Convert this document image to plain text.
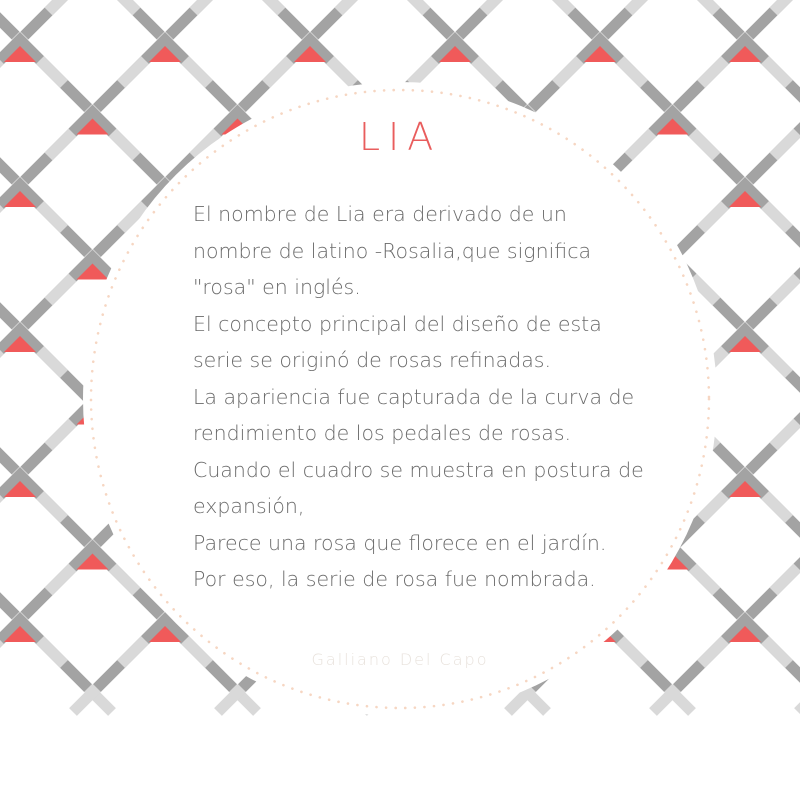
LIA
El nombre de Lia era derivado de un
nombre de latino -Rosalia,que significa
"rosa" en inglés.
El concepto principal del diseño de esta
serie se originó de rosas refinadas.
La apariencia fue capturada de la curva de
rendimiento de los pedales de rosas.
Cuando el cuadro se muestra en postura de
expansión,
Parece una rosa que florece en el jardín.
Por eso, la serie de rosa fue nombrada.
Galliano Del Capo
